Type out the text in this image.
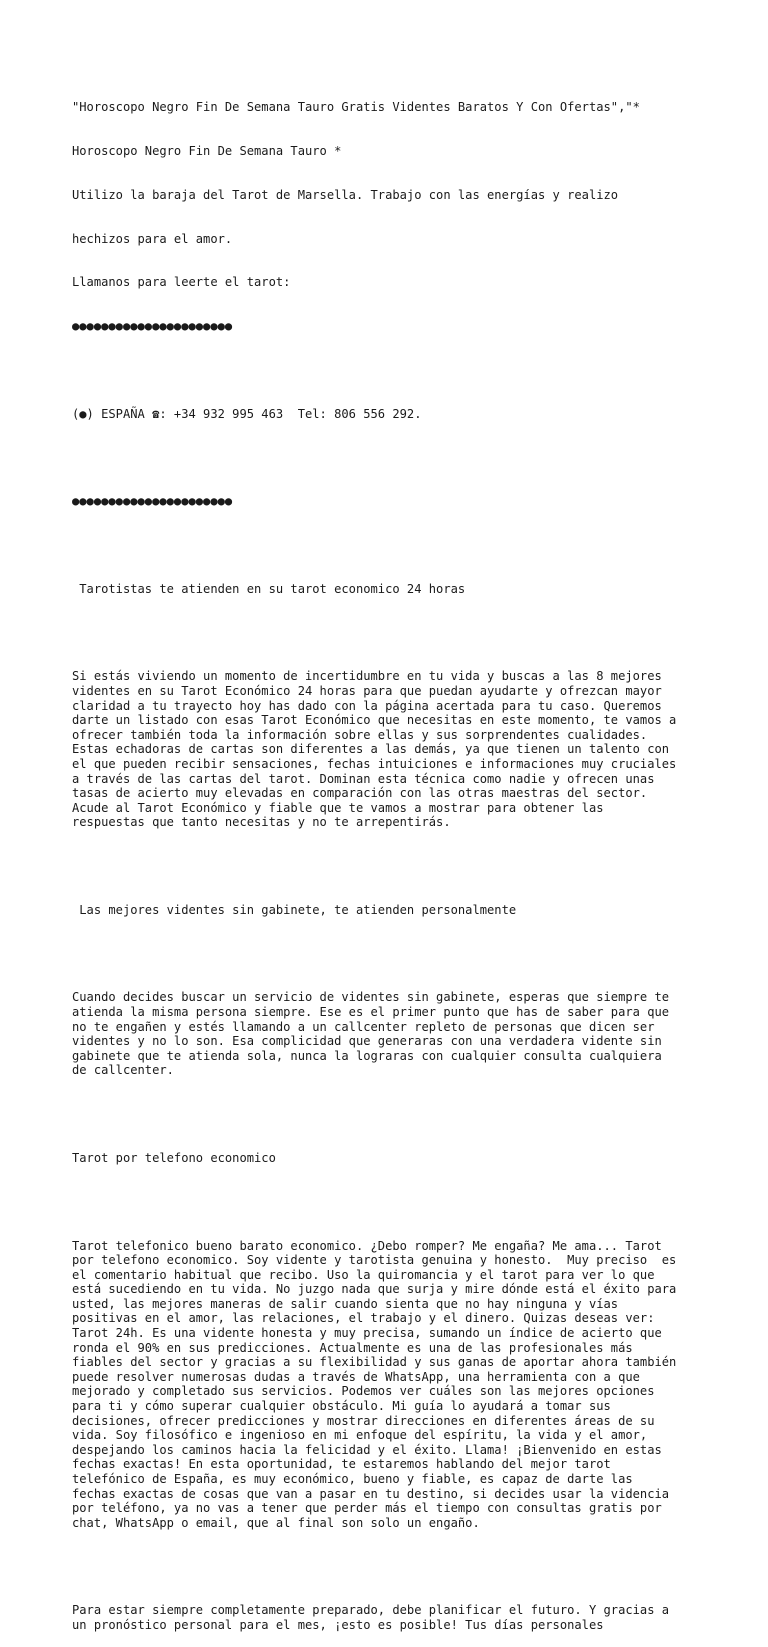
"Horoscopo Negro Fin De Semana Tauro Gratis Videntes Baratos Y Con Ofertas","*

Horoscopo Negro Fin De Semana Tauro *

Utilizo la baraja del Tarot de Marsella. Trabajo con las energías y realizo

hechizos para el amor.

Llamanos para leerte el tarot:

●●●●●●●●●●●●●●●●●●●●●●

(●) ESPAÑA ☎: +34 932 995 463  Tel: 806 556 292.

●●●●●●●●●●●●●●●●●●●●●●

Tarotistas te atienden en su tarot economico 24 horas

Si estás viviendo un momento de incertidumbre en tu vida y buscas a las 8 mejores
videntes en su Tarot Económico 24 horas para que puedan ayudarte y ofrezcan mayor
claridad a tu trayecto hoy has dado con la página acertada para tu caso. Queremos
darte un listado con esas Tarot Económico que necesitas en este momento, te vamos a
ofrecer también toda la información sobre ellas y sus sorprendentes cualidades.
Estas echadoras de cartas son diferentes a las demás, ya que tienen un talento con
el que pueden recibir sensaciones, fechas intuiciones e informaciones muy cruciales
a través de las cartas del tarot. Dominan esta técnica como nadie y ofrecen unas
tasas de acierto muy elevadas en comparación con las otras maestras del sector.
Acude al Tarot Económico y fiable que te vamos a mostrar para obtener las
respuestas que tanto necesitas y no te arrepentirás.

Las mejores videntes sin gabinete, te atienden personalmente

Cuando decides buscar un servicio de videntes sin gabinete, esperas que siempre te
atienda la misma persona siempre. Ese es el primer punto que has de saber para que
no te engañen y estés llamando a un callcenter repleto de personas que dicen ser
videntes y no lo son. Esa complicidad que generaras con una verdadera vidente sin
gabinete que te atienda sola, nunca la lograras con cualquier consulta cualquiera
de callcenter.

Tarot por telefono economico

Tarot telefonico bueno barato economico. ¿Debo romper? Me engaña? Me ama... Tarot
por telefono economico. Soy vidente y tarotista genuina y honesto.  Muy preciso  es
el comentario habitual que recibo. Uso la quiromancia y el tarot para ver lo que
está sucediendo en tu vida. No juzgo nada que surja y mire dónde está el éxito para
usted, las mejores maneras de salir cuando sienta que no hay ninguna y vías
positivas en el amor, las relaciones, el trabajo y el dinero. Quizas deseas ver:
Tarot 24h. Es una vidente honesta y muy precisa, sumando un índice de acierto que
ronda el 90% en sus predicciones. Actualmente es una de las profesionales más
fiables del sector y gracias a su flexibilidad y sus ganas de aportar ahora también
puede resolver numerosas dudas a través de WhatsApp, una herramienta con a que
mejorado y completado sus servicios. Podemos ver cuáles son las mejores opciones
para ti y cómo superar cualquier obstáculo. Mi guía lo ayudará a tomar sus
decisiones, ofrecer predicciones y mostrar direcciones en diferentes áreas de su
vida. Soy filosófico e ingenioso en mi enfoque del espíritu, la vida y el amor,
despejando los caminos hacia la felicidad y el éxito. Llama! ¡Bienvenido en estas
fechas exactas! En esta oportunidad, te estaremos hablando del mejor tarot
telefónico de España, es muy económico, bueno y fiable, es capaz de darte las
fechas exactas de cosas que van a pasar en tu destino, si decides usar la videncia
por teléfono, ya no vas a tener que perder más el tiempo con consultas gratis por
chat, WhatsApp o email, que al final son solo un engaño.

Para estar siempre completamente preparado, debe planificar el futuro. Y gracias a
un pronóstico personal para el mes, ¡esto es posible! Tus días personales
